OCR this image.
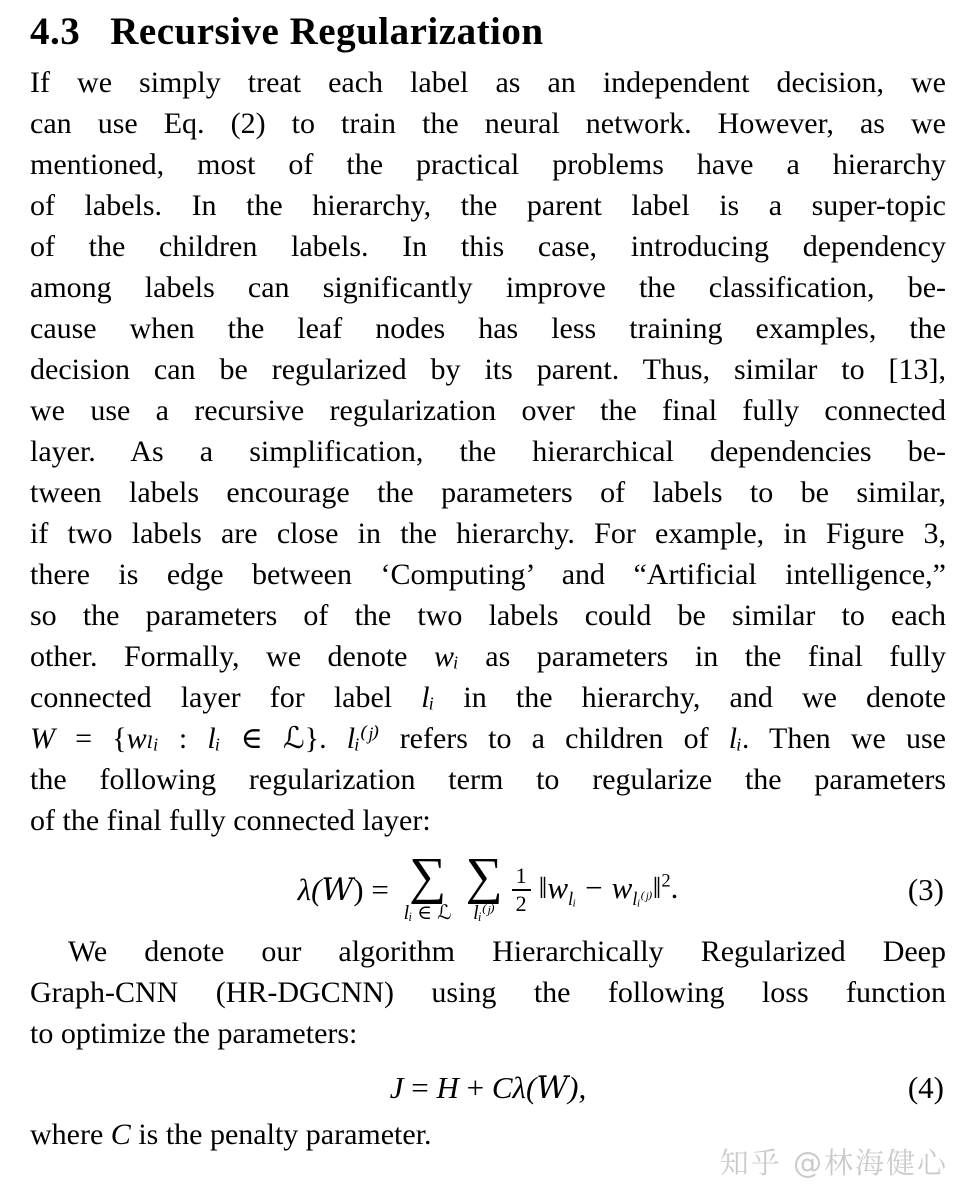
4.3 Recursive Regularization
If we simply treat each label as an independent decision, we
can use Eq. (2) to train the neural network. However, as we
mentioned, most of the practical problems have a hierarchy
of labels. In the hierarchy, the parent label is a super-topic
of the children labels. In this case, introducing dependency
among labels can significantly improve the classification, be-
cause when the leaf nodes has less training examples, the
decision can be regularized by its parent. Thus, similar to [13],
we use a recursive regularization over the final fully connected
layer. As a simplification, the hierarchical dependencies be-
tween labels encourage the parameters of labels to be similar,
if two labels are close in the hierarchy. For example, in Figure 3,
there is edge between ‘Computing’ and “Artificial intelligence,”
so the parameters of the two labels could be similar to each
other. Formally, we denote wᵢ as parameters in the final fully
connected layer for label lᵢ in the hierarchy, and we denote
W = {wₗᵢ : lᵢ ∈ ℒ}. lᵢ⁽ʲ⁾ refers to a children of lᵢ. Then we use
the following regularization term to regularize the parameters
of the final fully connected layer:
λ( W ) = ∑
lᵢ ∈ ℒ
∑
lᵢ⁽ʲ⁾ $\frac{1}{2}$ $‖w_{lᵢ}$ − $w_{lᵢ^(ʲ^)}‖^2$.	(3)
We denote our algorithm Hierarchically Regularized Deep
Graph-CNN (HR-DGCNN) using the following loss function
to optimize the parameters:
J = H + Cλ( W ),	(4)
where C is the penalty parameter.
知乎 @林海健心
